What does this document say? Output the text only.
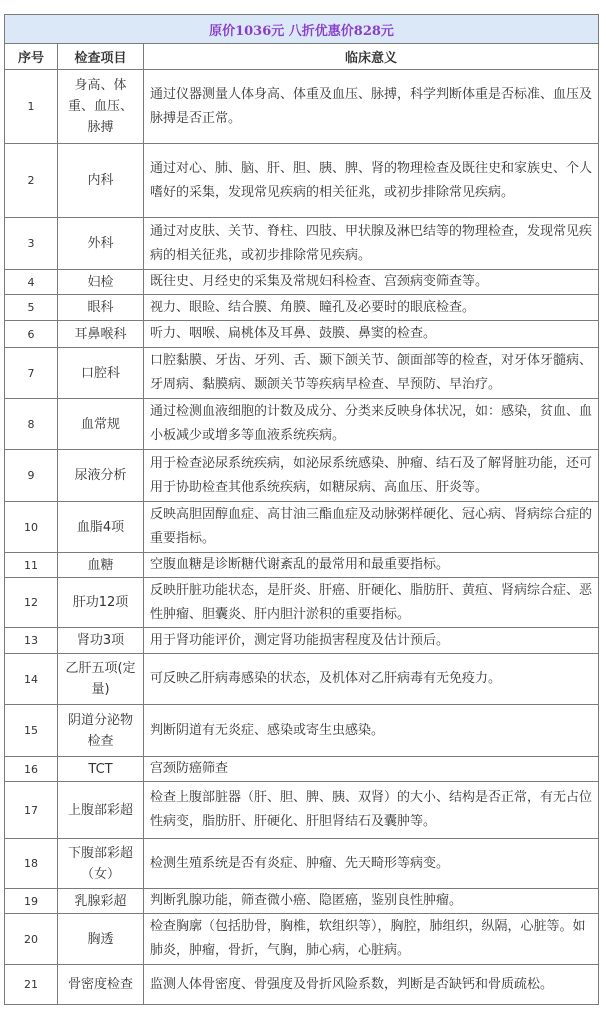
原价1036元 八折优惠价828元		
序号	检查项目	临床意义
1	身高、体重、血压、脉搏	通过仪器测量人体身高、体重及血压、脉搏，科学判断体重是否标准、血压及脉搏是否正常。
2	内科	通过对心、肺、脑、肝、胆、胰、脾、肾的物理检查及既往史和家族史、个人嗜好的采集，发现常见疾病的相关征兆，或初步排除常见疾病。
3	外科	通过对皮肤、关节、脊柱、四肢、甲状腺及淋巴结等的物理检查，发现常见疾病的相关征兆，或初步排除常见疾病。
4	妇检	既往史、月经史的采集及常规妇科检查、宫颈病变筛查等。
5	眼科	视力、眼睑、结合膜、角膜、瞳孔及必要时的眼底检查。
6	耳鼻喉科	听力、咽喉、扁桃体及耳鼻、鼓膜、鼻窦的检查。
7	口腔科	口腔黏膜、牙齿、牙列、舌、颞下颌关节、颌面部等的检查，对牙体牙髓病、牙周病、黏膜病、颞颌关节等疾病早检查、早预防、早治疗。
8	血常规	通过检测血液细胞的计数及成分、分类来反映身体状况，如：感染，贫血、血小板减少或增多等血液系统疾病。
9	尿液分析	用于检查泌尿系统疾病，如泌尿系统感染、肿瘤、结石及了解肾脏功能，还可用于协助检查其他系统疾病，如糖尿病、高血压、肝炎等。
10	血脂4项	反映高胆固醇血症、高甘油三酯血症及动脉粥样硬化、冠心病、肾病综合症的重要指标。
11	血糖	空腹血糖是诊断糖代谢紊乱的最常用和最重要指标。
12	肝功12项	反映肝脏功能状态，是肝炎、肝癌、肝硬化、脂肪肝、黄疸、肾病综合症、恶性肿瘤、胆囊炎、肝内胆汁淤积的重要指标。
13	肾功3项	用于肾功能评价，测定肾功能损害程度及估计预后。
14	乙肝五项(定量)	可反映乙肝病毒感染的状态，及机体对乙肝病毒有无免疫力。
15	阴道分泌物检查	判断阴道有无炎症、感染或寄生虫感染。
16	TCT	宫颈防癌筛查
17	上腹部彩超	检查上腹部脏器（肝、胆、脾、胰、双肾）的大小、结构是否正常，有无占位性病变，脂肪肝、肝硬化、肝胆肾结石及囊肿等。
18	下腹部彩超（女）	检测生殖系统是否有炎症、肿瘤、先天畸形等病变。
19	乳腺彩超	判断乳腺功能，筛查微小癌、隐匿癌，鉴别良性肿瘤。
20	胸透	检查胸廓（包括肋骨，胸椎，软组织等），胸腔，肺组织，纵隔，心脏等。如肺炎，肿瘤，骨折，气胸，肺心病，心脏病。
21	骨密度检查	监测人体骨密度、骨强度及骨折风险系数，判断是否缺钙和骨质疏松。
